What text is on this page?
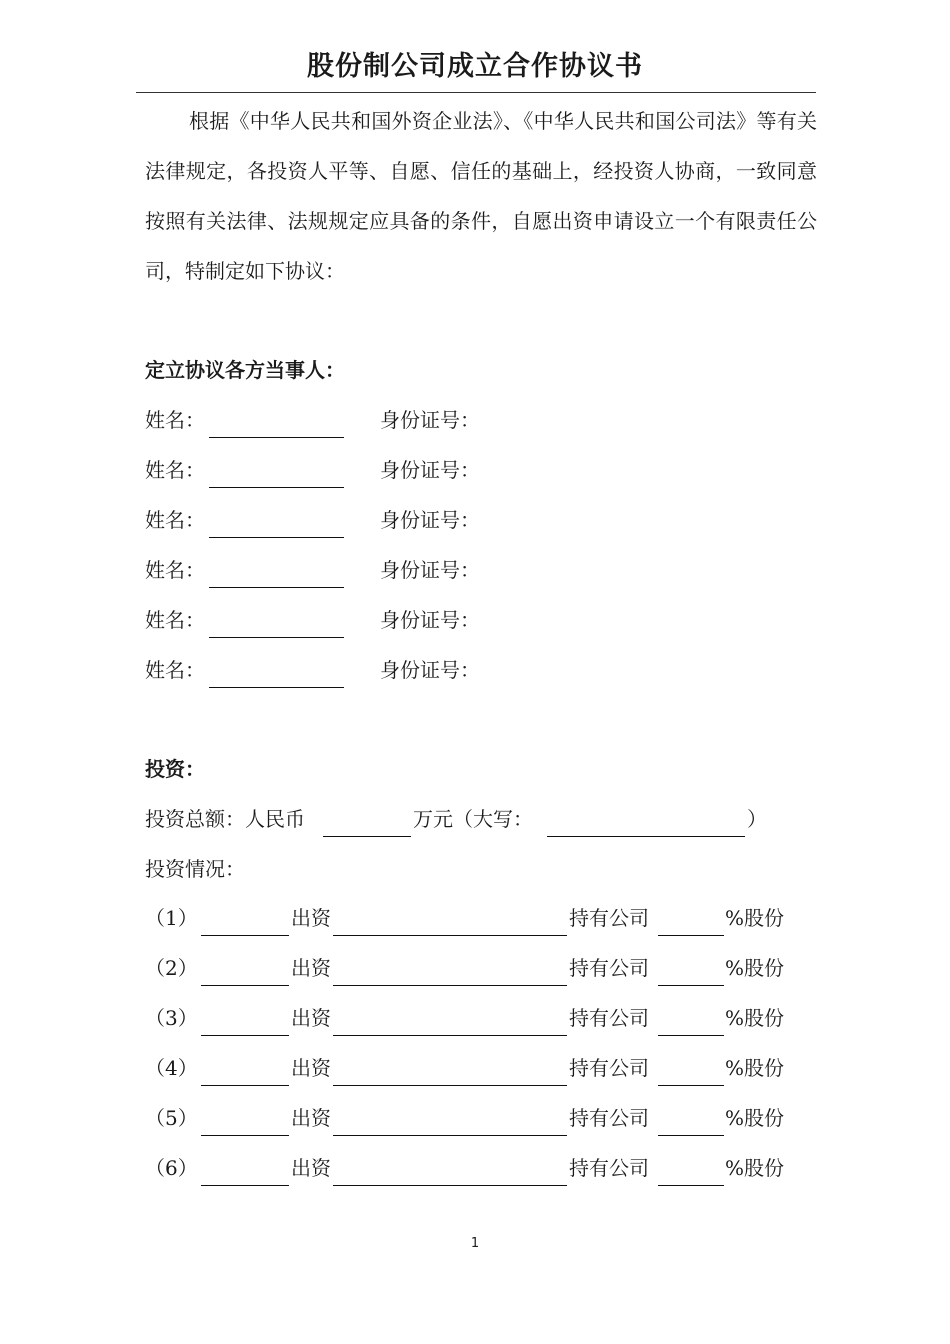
股份制公司成立合作协议书

根据《中华人民共和国外资企业法》、《中华人民共和国公司法》等有关法律规定，各投资人平等、自愿、信任的基础上，经投资人协商，一致同意按照有关法律、法规规定应具备的条件，自愿出资申请设立一个有限责任公司，特制定如下协议：

定立协议各方当事人：
姓名：	身份证号：
姓名：	身份证号：
姓名：	身份证号：
姓名：	身份证号：
姓名：	身份证号：
姓名：	身份证号：
投资：
投资总额：人民币	万元（大写：	）
投资情况：
（1）	出资	持有公司	%股份
（2）	出资	持有公司	%股份
（3）	出资	持有公司	%股份
（4）	出资	持有公司	%股份
（5）	出资	持有公司	%股份
（6）	出资	持有公司	%股份
1
